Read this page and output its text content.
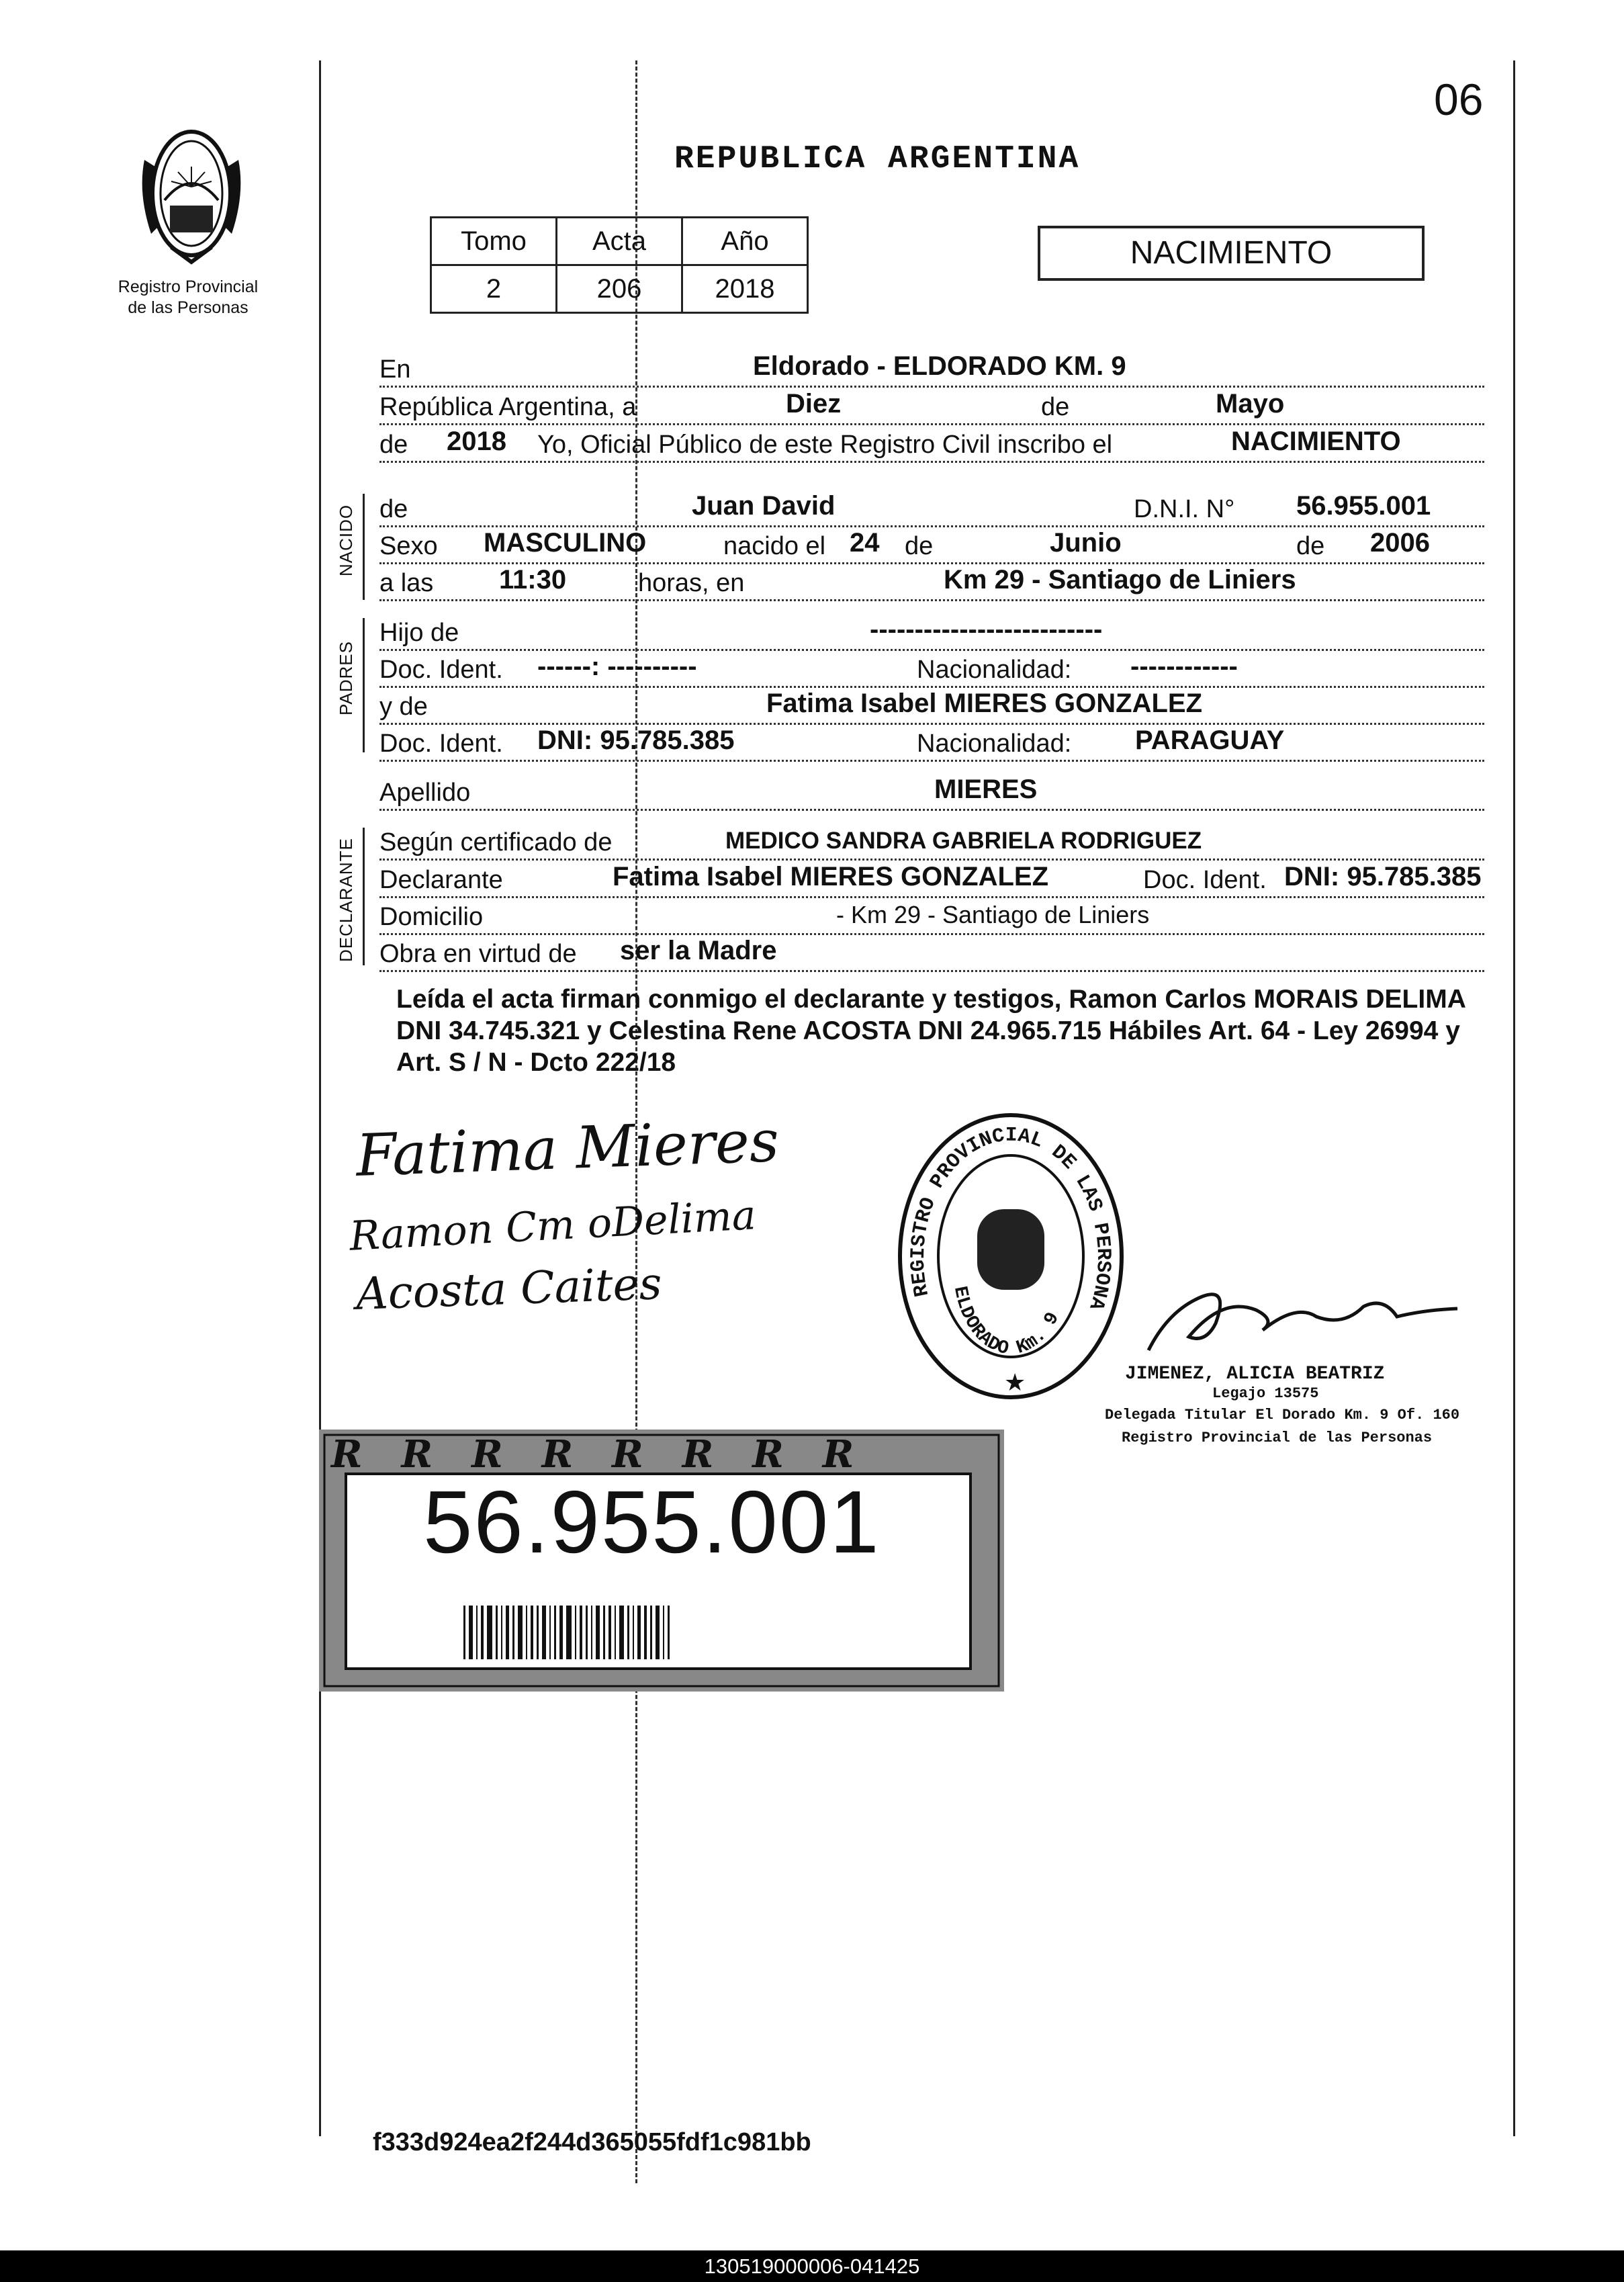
Registro Provincial
de las Personas
06
REPUBLICA ARGENTINA
Tomo	Acta	Año
2	206	2018
NACIMIENTO
En	Eldorado - ELDORADO KM. 9
República Argentina, a	Diez	de	Mayo
de 2018 Yo, Oficial Público de este Registro Civil inscribo el	NACIMIENTO
NACIDO de	Juan David	D.N.I. N° 56.955.001
Sexo MASCULINO	nacido el 24 de	Junio	de 2006
a las 11:30	horas, en	Km 29 - Santiago de Liniers
PADRES
Hijo de	--------------------------
Doc. Ident. ------: ----------	Nacionalidad: ------------
y de	Fatima Isabel MIERES GONZALEZ
Doc. Ident. DNI: 95.785.385	Nacionalidad: PARAGUAY
Apellido	MIERES
DECLARANTE Según certificado de	MEDICO SANDRA GABRIELA RODRIGUEZ
Declarante	Fatima Isabel MIERES GONZALEZ	Doc. Ident. DNI: 95.785.385
Domicilio	- Km 29 - Santiago de Liniers
Obra en virtud de ser la Madre
Leída el acta firman conmigo el declarante y testigos, Ramon Carlos MORAIS DELIMA DNI 34.745.321 y Celestina Rene ACOSTA DNI 24.965.715 Hábiles Art. 64 - Ley 26994 y Art. S / N - Dcto 222/18
Fatima Mieres
Ramon Cm oDelima
Acosta Caites	REGISTRO PROVINCIAL DE LAS PERSONA
ELDORADO Km. 9
★	JIMENEZ, ALICIA BEATRIZ
Legajo 13575
Delegada Titular El Dorado Km. 9 Of. 160
Registro Provincial de las Personas
RRRRRRRR
56.955.001
f333d924ea2f244d365055fdf1c981bb
130519000006-041425
